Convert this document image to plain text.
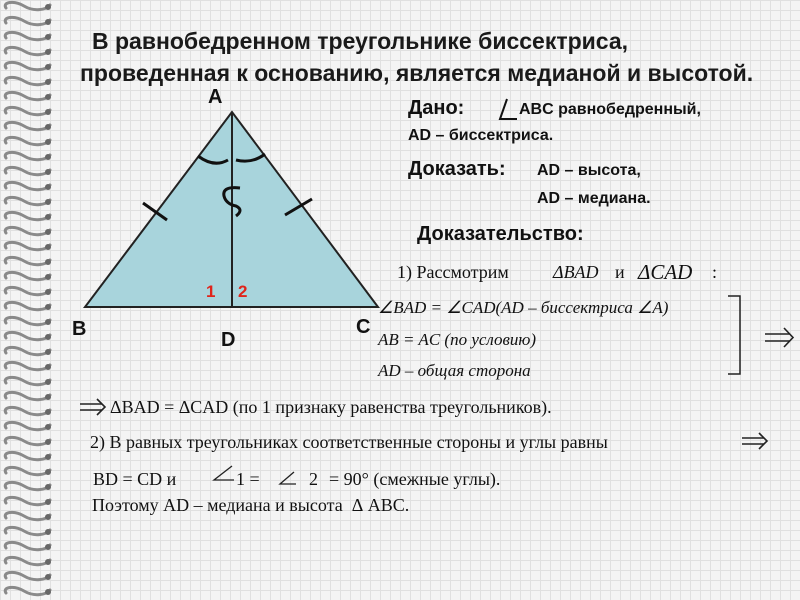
В равнобедренном треугольнике биссектриса,
проведенная к основанию, является медианой и высотой.
A
B	C
D
1 2
Дано:	ABC равнобедренный,
AD – биссектриса.
Доказать: AD – высота,
AD – медиана.
Доказательство:
1) Рассмотрим ΔBAD и ΔCAD :
∠BAD = ∠CAD(AD – биссектриса ∠A)
AB = AC (по условию)
AD – общая сторона
ΔBAD = ΔCAD (по 1 признаку равенства треугольников).
2) В равных треугольниках соответственные стороны и углы равны
BD = CD и	1 =	2 = 90° (смежные углы).
Поэтому AD – медиана и высота Δ ABC.
